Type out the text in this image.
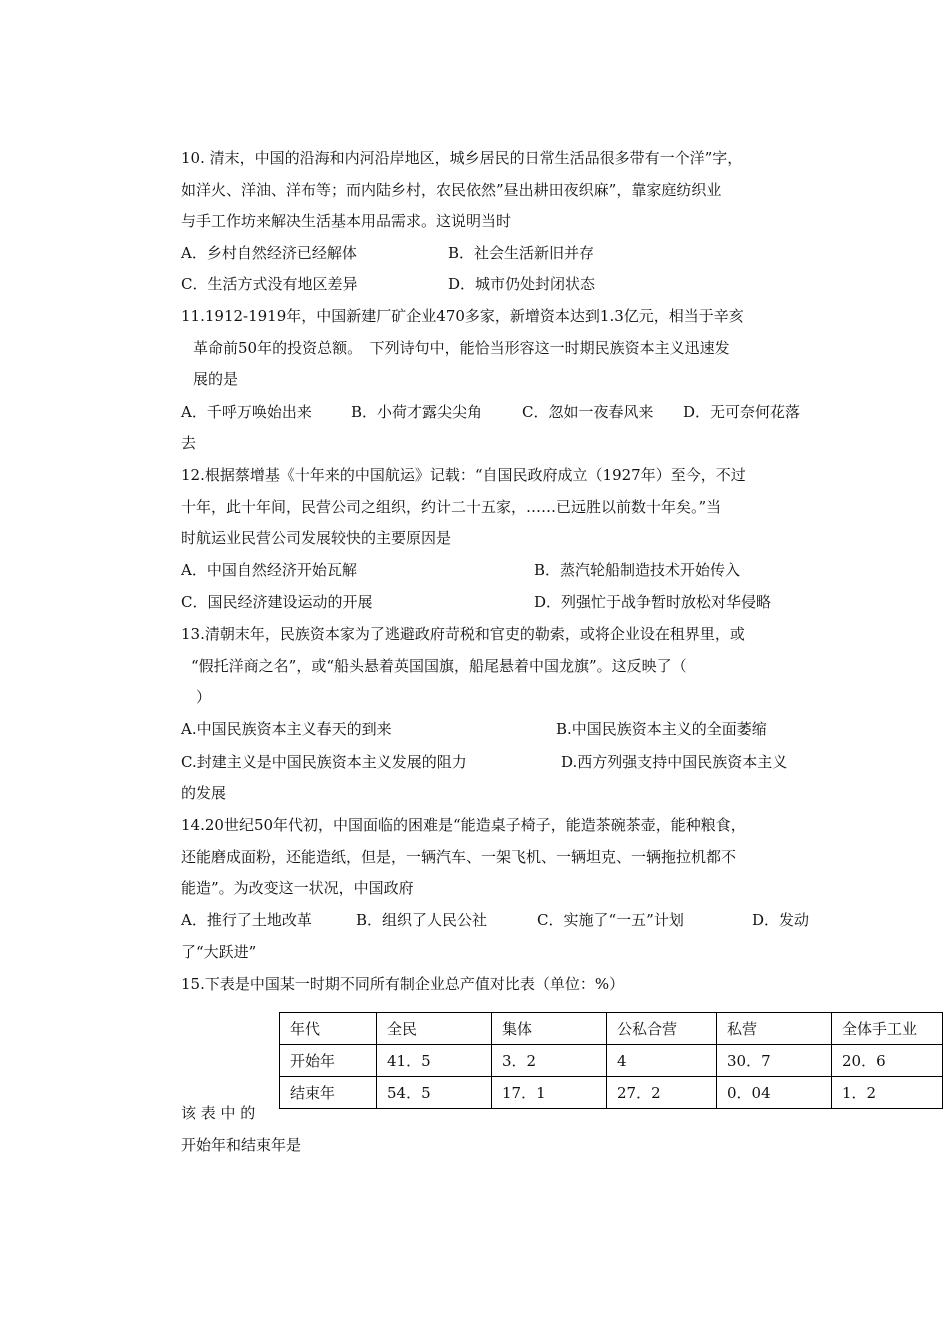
10. 清末，中国的沿海和内河沿岸地区，城乡居民的日常生活品很多带有一个洋”字，
如洋火、洋油、洋布等；而内陆乡村，农民依然”昼出耕田夜织麻”，靠家庭纺织业
与手工作坊来解决生活基本用品需求。这说明当时
A．乡村自然经济已经解体	B．社会生活新旧并存
C．生活方式没有地区差异	D．城市仍处封闭状态
11.1912-1919年，中国新建厂矿企业470多家，新增资本达到1.3亿元，相当于辛亥
革命前50年的投资总额。　下列诗句中，能恰当形容这一时期民族资本主义迅速发
展的是
A．千呼万唤始出来	B．小荷才露尖尖角	C．忽如一夜春风来 D．无可奈何花落
去
12.根据蔡增基《十年来的中国航运》记载：“自国民政府成立（1927年）至今，不过
十年，此十年间，民营公司之组织，约计二十五家，……已远胜以前数十年矣。”当
时航运业民营公司发展较快的主要原因是
A．中国自然经济开始瓦解	B．蒸汽轮船制造技术开始传入
C．国民经济建设运动的开展	D．列强忙于战争暂时放松对华侵略
13.清朝末年，民族资本家为了逃避政府苛税和官吏的勒索，或将企业设在租界里，或
“假托洋商之名”，或“船头悬着英国国旗，船尾悬着中国龙旗”。这反映了（
）
A.中国民族资本主义春天的到来	B.中国民族资本主义的全面萎缩
C.封建主义是中国民族资本主义发展的阻力	D.西方列强支持中国民族资本主义
的发展
14.20世纪50年代初，中国面临的困难是“能造桌子椅子，能造茶碗茶壶，能种粮食，
还能磨成面粉，还能造纸，但是，一辆汽车、一架飞机、一辆坦克、一辆拖拉机都不
能造”。为改变这一状况，中国政府
A．推行了土地改革	B．组织了人民公社	C．实施了“一五”计划	D．发动
了“大跃进”
15.下表是中国某一时期不同所有制企业总产值对比表（单位：%）
年代	全民	集体	公私合营	私营	全体手工业
开始年	41．5	3．2	4	30．7	20．6
结束年	54．5	17．1	27．2	0．04	1．2
该 表 中 的
开始年和结束年是
